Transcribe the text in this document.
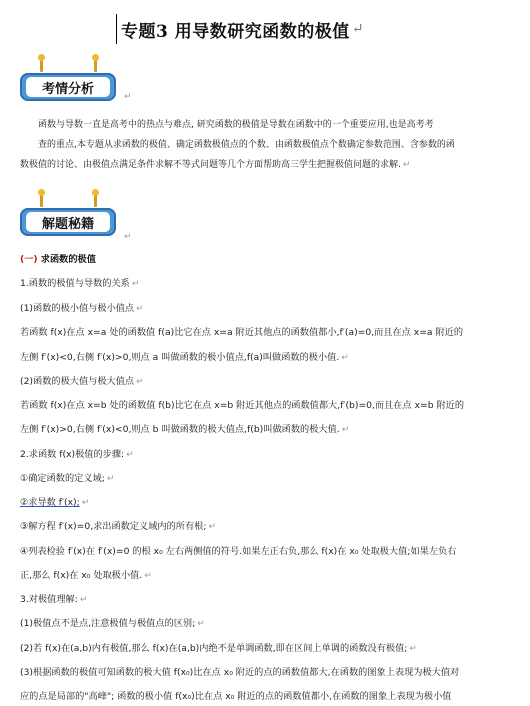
专题3 用导数研究函数的极值 ↵
考情分析
↵
函数与导数一直是高考中的热点与难点, 研究函数的极值是导数在函数中的一个重要应用,也是高考考
查的重点,本专题从求函数的极值、确定函数极值点的个数、由函数极值点个数确定参数范围、含参数的函
数极值的讨论、由极值点满足条件求解不等式问题等几个方面帮助高三学生把握极值问题的求解. ↵
解题秘籍
↵
(一) 求函数的极值
1.函数的极值与导数的关系 ↵
(1)函数的极小值与极小值点 ↵
若函数 f(x)在点 x=a 处的函数值 f(a)比它在点 x=a 附近其他点的函数值都小,f′(a)=0,而且在点 x=a 附近的
左侧 f′(x)<0,右侧 f′(x)>0,则点 a 叫做函数的极小值点,f(a)叫做函数的极小值. ↵
(2)函数的极大值与极大值点 ↵
若函数 f(x)在点 x=b 处的函数值 f(b)比它在点 x=b 附近其他点的函数值都大,f′(b)=0,而且在点 x=b 附近的
左侧 f′(x)>0,右侧 f′(x)<0,则点 b 叫做函数的极大值点,f(b)叫做函数的极大值. ↵
2.求函数 f(x)极值的步骤: ↵
①确定函数的定义域; ↵
②求导数 f′(x); ↵
③解方程 f′(x)=0,求出函数定义域内的所有根; ↵
④列表检验 f′(x)在 f′(x)=0 的根 x₀ 左右两侧值的符号.如果左正右负,那么 f(x)在 x₀ 处取极大值;如果左负右
正,那么 f(x)在 x₀ 处取极小值. ↵
3.对极值理解: ↵
(1)极值点不是点,注意极值与极值点的区别; ↵
(2)若 f(x)在(a,b)内有极值,那么 f(x)在(a,b)内绝不是单调函数,即在区间上单调的函数没有极值; ↵
(3)根据函数的极值可知函数的极大值 f(x₀)比在点 x₀ 附近的点的函数值都大,在函数的图象上表现为极大值对
应的点是局部的"高峰"; 函数的极小值 f(x₀)比在点 x₀ 附近的点的函数值都小,在函数的图象上表现为极小值
